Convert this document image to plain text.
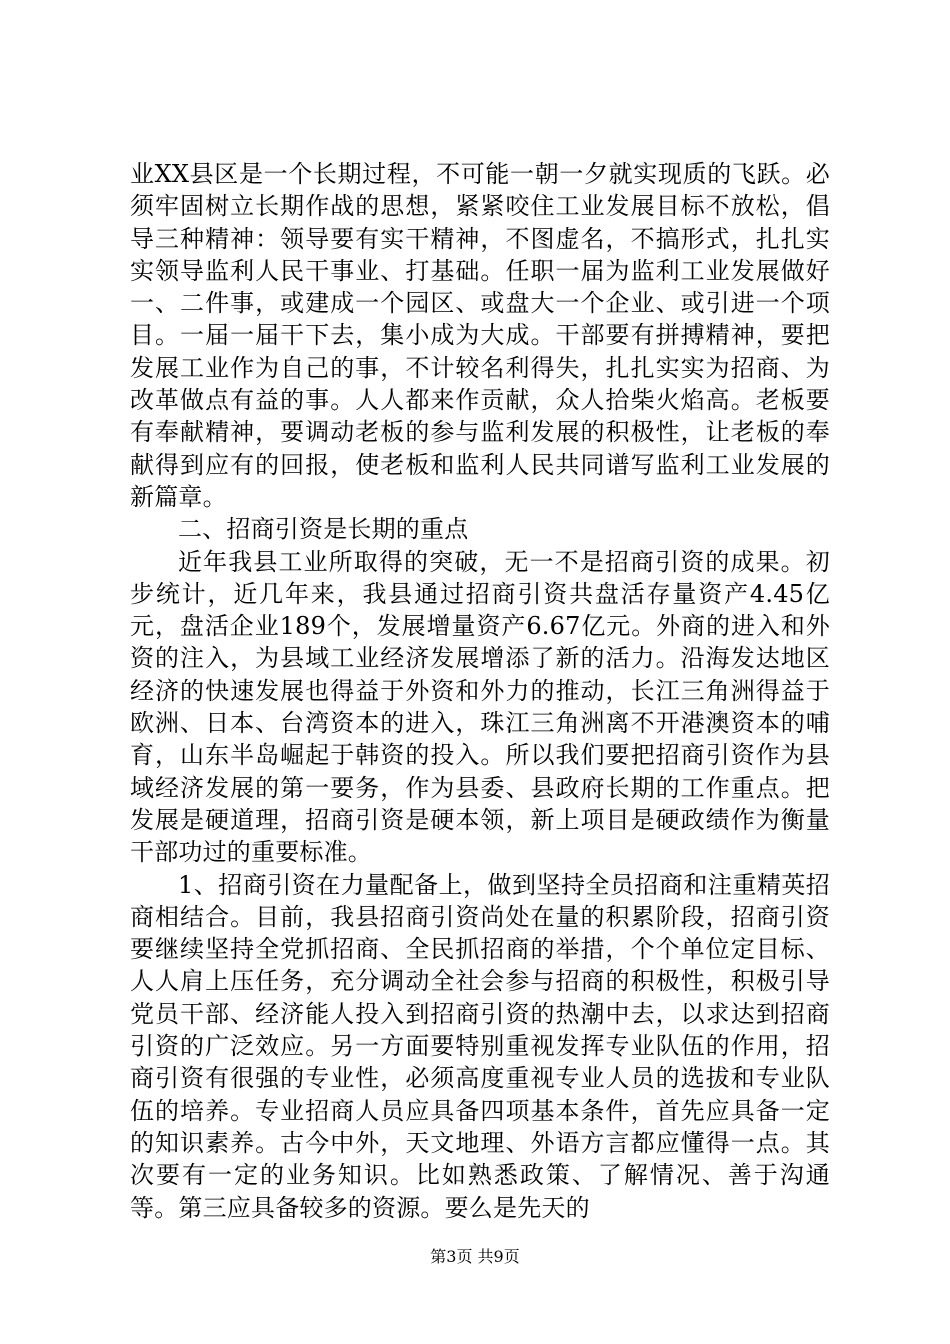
业XX县区是一个长期过程，不可能一朝一夕就实现质的飞跃。必须牢固树立长期作战的思想，紧紧咬住工业发展目标不放松，倡导三种精神：领导要有实干精神，不图虚名，不搞形式，扎扎实实领导监利人民干事业、打基础。任职一届为监利工业发展做好一、二件事，或建成一个园区、或盘大一个企业、或引进一个项目。一届一届干下去，集小成为大成。干部要有拼搏精神，要把发展工业作为自己的事，不计较名利得失，扎扎实实为招商、为改革做点有益的事。人人都来作贡献，众人拾柴火焰高。老板要有奉献精神，要调动老板的参与监利发展的积极性，让老板的奉献得到应有的回报，使老板和监利人民共同谱写监利工业发展的新篇章。

二、招商引资是长期的重点

近年我县工业所取得的突破，无一不是招商引资的成果。初步统计，近几年来，我县通过招商引资共盘活存量资产4.45亿元，盘活企业189个，发展增量资产6.67亿元。外商的进入和外资的注入，为县域工业经济发展增添了新的活力。沿海发达地区经济的快速发展也得益于外资和外力的推动，长江三角洲得益于欧洲、日本、台湾资本的进入，珠江三角洲离不开港澳资本的哺育，山东半岛崛起于韩资的投入。所以我们要把招商引资作为县域经济发展的第一要务，作为县委、县政府长期的工作重点。把发展是硬道理，招商引资是硬本领，新上项目是硬政绩作为衡量干部功过的重要标准。

1、招商引资在力量配备上，做到坚持全员招商和注重精英招商相结合。目前，我县招商引资尚处在量的积累阶段，招商引资要继续坚持全党抓招商、全民抓招商的举措，个个单位定目标、人人肩上压任务，充分调动全社会参与招商的积极性，积极引导党员干部、经济能人投入到招商引资的热潮中去，以求达到招商引资的广泛效应。另一方面要特别重视发挥专业队伍的作用，招商引资有很强的专业性，必须高度重视专业人员的选拔和专业队伍的培养。专业招商人员应具备四项基本条件，首先应具备一定的知识素养。古今中外，天文地理、外语方言都应懂得一点。其次要有一定的业务知识。比如熟悉政策、了解情况、善于沟通等。第三应具备较多的资源。要么是先天的

第3页 共9页
